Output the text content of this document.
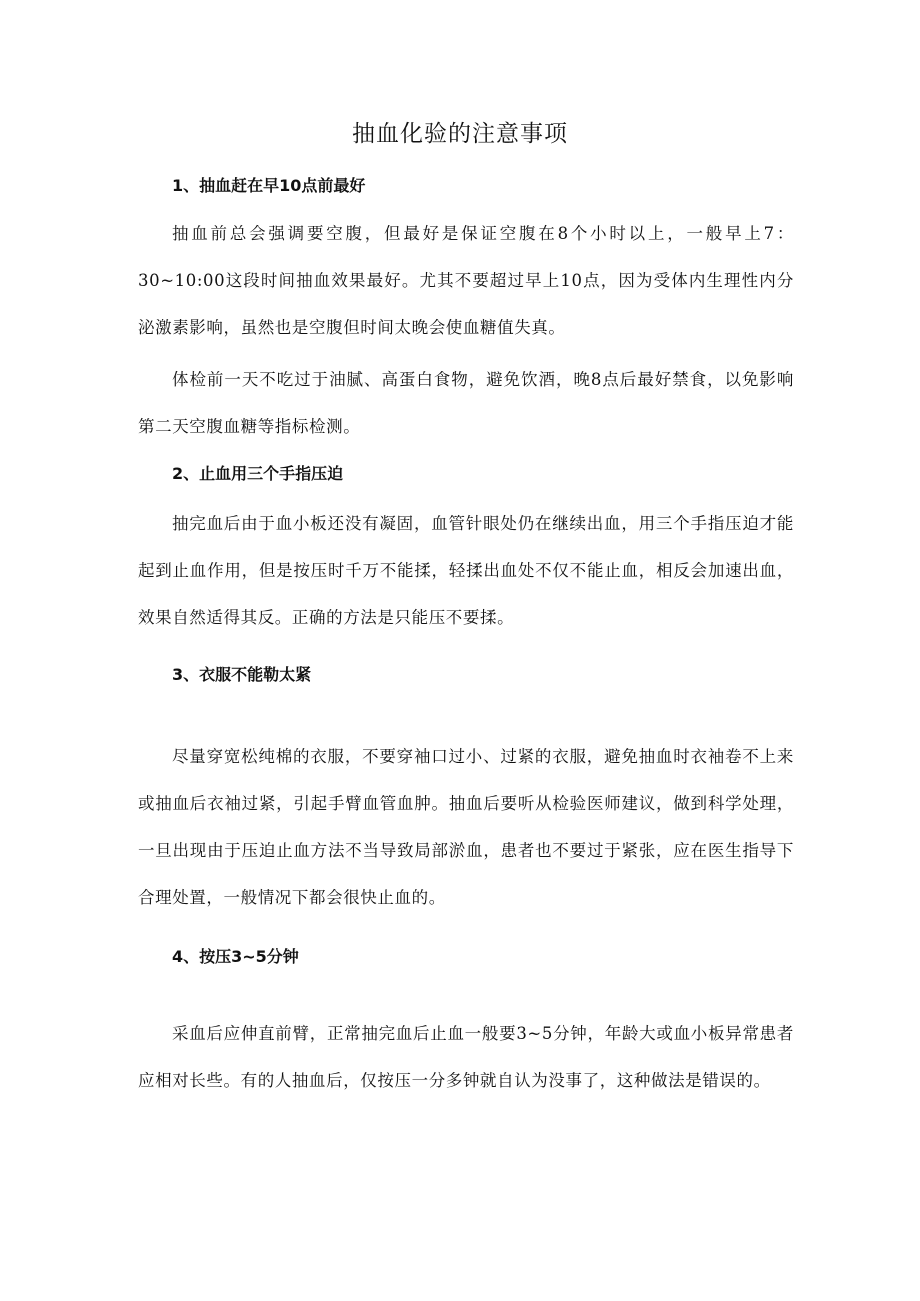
抽血化验的注意事项
1、抽血赶在早10点前最好

抽血前总会强调要空腹，但最好是保证空腹在8个小时以上，一般早上7：30~10:00这段时间抽血效果最好。尤其不要超过早上10点，因为受体内生理性内分泌激素影响，虽然也是空腹但时间太晚会使血糖值失真。

体检前一天不吃过于油腻、高蛋白食物，避免饮酒，晚8点后最好禁食，以免影响第二天空腹血糖等指标检测。

2、止血用三个手指压迫

抽完血后由于血小板还没有凝固，血管针眼处仍在继续出血，用三个手指压迫才能起到止血作用，但是按压时千万不能揉，轻揉出血处不仅不能止血，相反会加速出血，效果自然适得其反。正确的方法是只能压不要揉。

3、衣服不能勒太紧

尽量穿宽松纯棉的衣服，不要穿袖口过小、过紧的衣服，避免抽血时衣袖卷不上来或抽血后衣袖过紧，引起手臂血管血肿。抽血后要听从检验医师建议，做到科学处理，一旦出现由于压迫止血方法不当导致局部淤血，患者也不要过于紧张，应在医生指导下合理处置，一般情况下都会很快止血的。

4、按压3~5分钟

采血后应伸直前臂，正常抽完血后止血一般要3~5分钟，年龄大或血小板异常患者应相对长些。有的人抽血后，仅按压一分多钟就自认为没事了，这种做法是错误的。
